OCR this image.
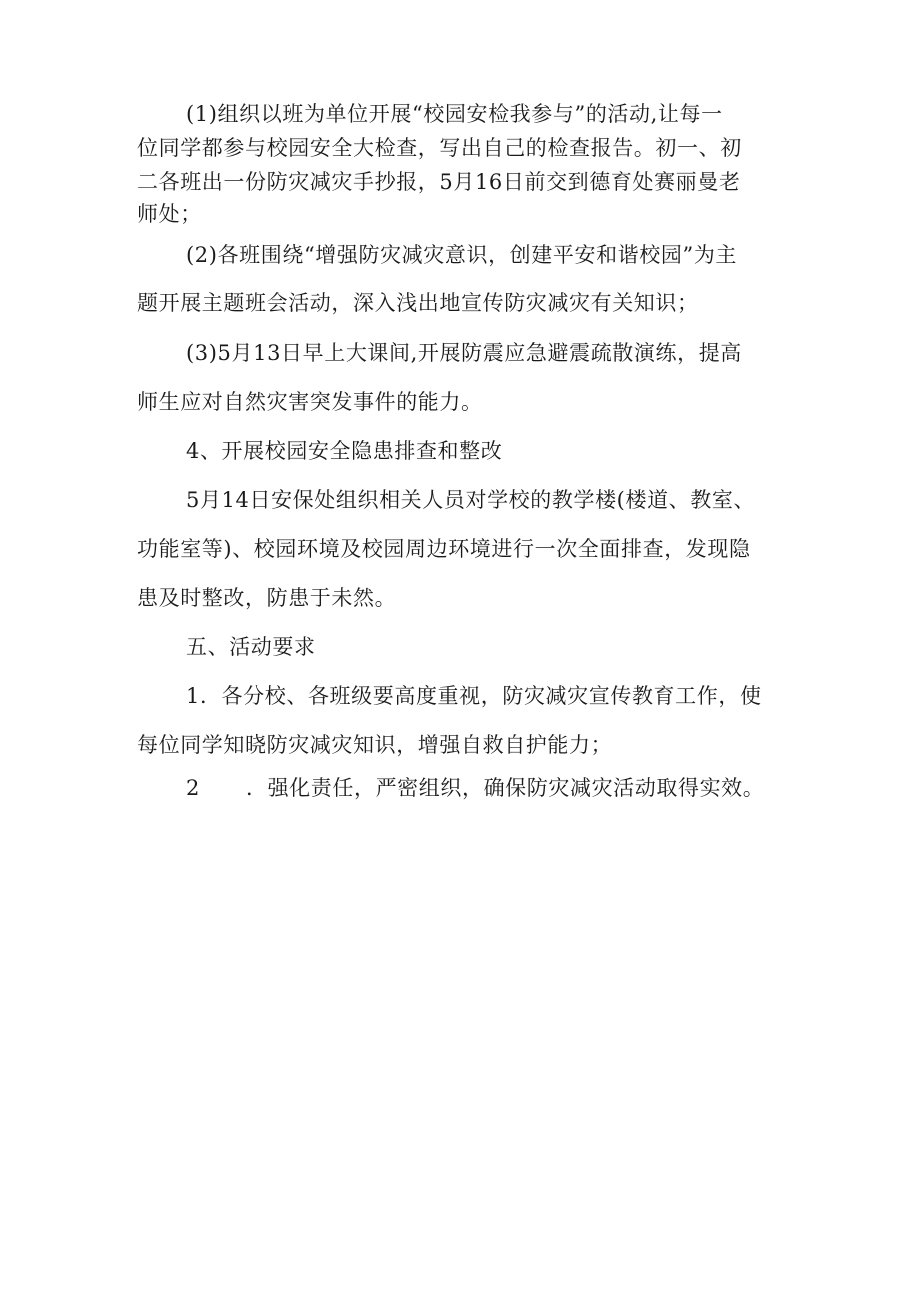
(1)组织以班为单位开展“校园安检我参与”的活动,让每一
位同学都参与校园安全大检查，写出自己的检查报告。初一、初
二各班出一份防灾减灾手抄报，5月16日前交到德育处赛丽曼老
师处；
(2)各班围绕“增强防灾减灾意识，创建平安和谐校园”为主
题开展主题班会活动，深入浅出地宣传防灾减灾有关知识；
(3)5月13日早上大课间,开展防震应急避震疏散演练，提高
师生应对自然灾害突发事件的能力。
4、开展校园安全隐患排查和整改
5月14日安保处组织相关人员对学校的教学楼(楼道、教室、
功能室等)、校园环境及校园周边环境进行一次全面排查，发现隐
患及时整改，防患于未然。
五、活动要求
1．各分校、各班级要高度重视，防灾减灾宣传教育工作，使
每位同学知晓防灾减灾知识，增强自救自护能力；
2 ．强化责任，严密组织，确保防灾减灾活动取得实效。
